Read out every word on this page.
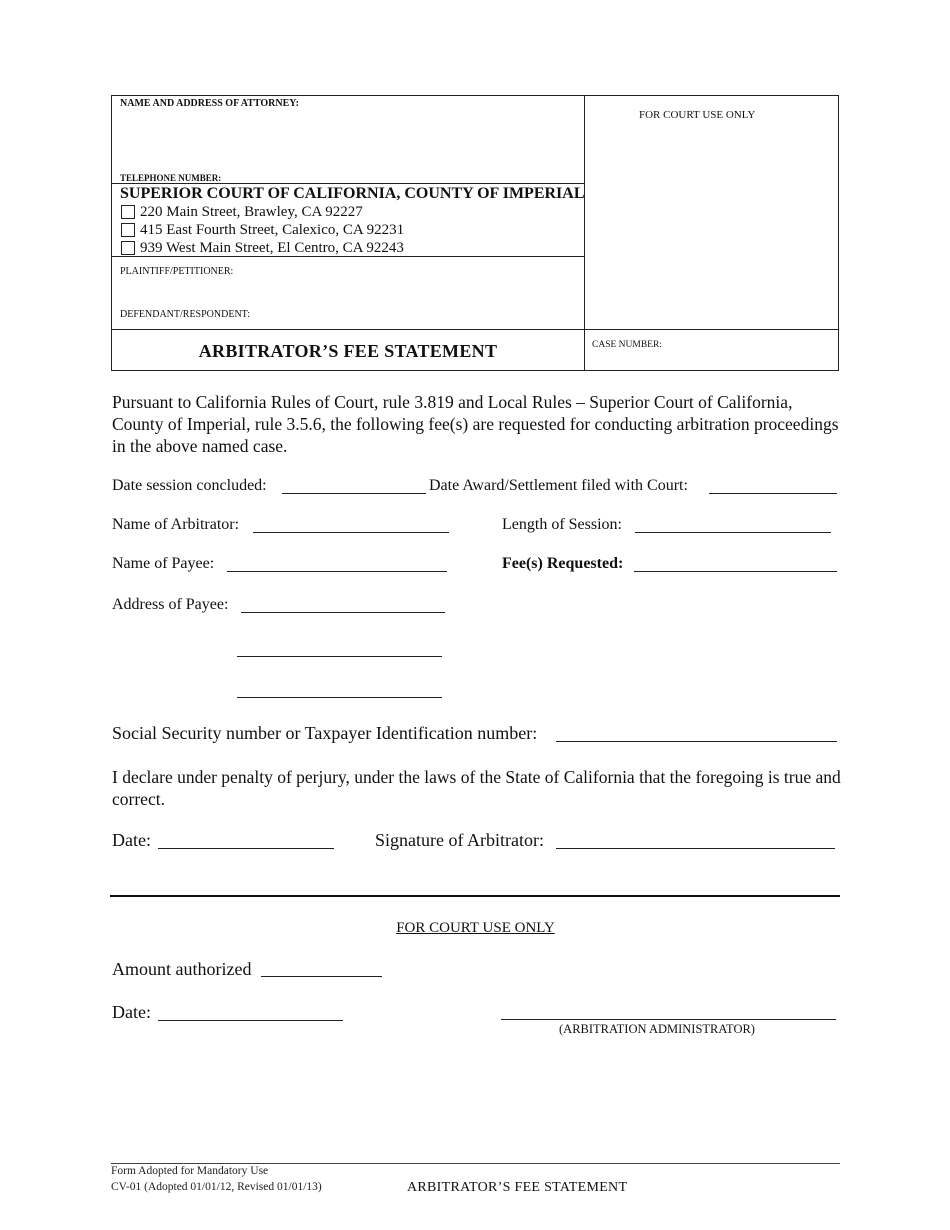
NAME AND ADDRESS OF ATTORNEY:
TELEPHONE NUMBER:
FOR COURT USE ONLY
SUPERIOR COURT OF CALIFORNIA, COUNTY OF IMPERIAL
220 Main Street, Brawley, CA 92227
415 East Fourth Street, Calexico, CA 92231
939 West Main Street, El Centro, CA 92243
PLAINTIFF/PETITIONER:
DEFENDANT/RESPONDENT:
ARBITRATOR’S FEE STATEMENT	CASE NUMBER:
Pursuant to California Rules of Court, rule 3.819 and Local Rules – Superior Court of California, County of Imperial, rule 3.5.6, the following fee(s) are requested for conducting arbitration proceedings in the above named case.
Date session concluded:	Date Award/Settlement filed with Court:
Name of Arbitrator:	Length of Session:
Name of Payee:	Fee(s) Requested:
Address of Payee:
Social Security number or Taxpayer Identification number:
I declare under penalty of perjury, under the laws of the State of California that the foregoing is true and correct.
Date:	Signature of Arbitrator:
FOR COURT USE ONLY
Amount authorized
Date:
(ARBITRATION ADMINISTRATOR)
Form Adopted for Mandatory Use
CV-01 (Adopted 01/01/12, Revised 01/01/13)	ARBITRATOR’S FEE STATEMENT
